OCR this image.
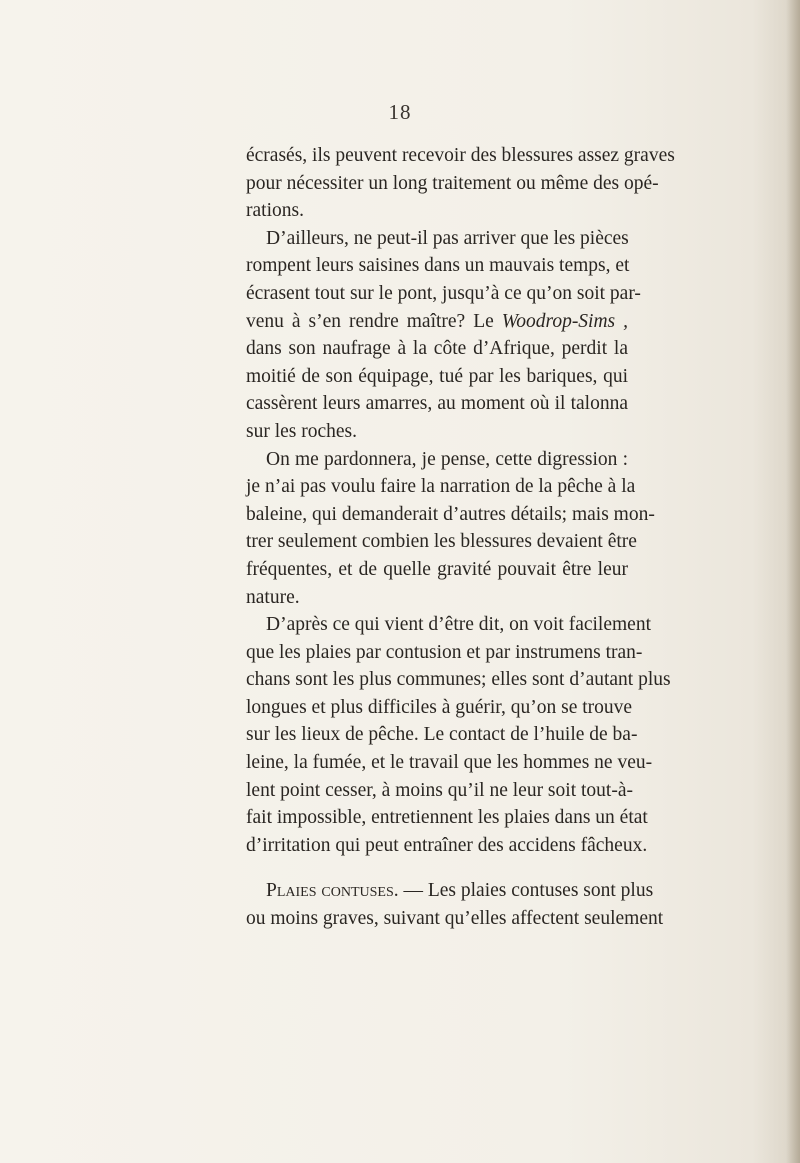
18
écrasés, ils peuvent recevoir des blessures assez graves
pour nécessiter un long traitement ou même des opé-
rations.
D’ailleurs, ne peut-il pas arriver que les pièces
rompent leurs saisines dans un mauvais temps, et
écrasent tout sur le pont, jusqu’à ce qu’on soit par-
venu à s’en rendre maître? Le Woodrop-Sims ,
dans son naufrage à la côte d’Afrique, perdit la
moitié de son équipage, tué par les bariques, qui
cassèrent leurs amarres, au moment où il talonna
sur les roches.
On me pardonnera, je pense, cette digression :
je n’ai pas voulu faire la narration de la pêche à la
baleine, qui demanderait d’autres détails; mais mon-
trer seulement combien les blessures devaient être
fréquentes, et de quelle gravité pouvait être leur
nature.
D’après ce qui vient d’être dit, on voit facilement
que les plaies par contusion et par instrumens tran-
chans sont les plus communes; elles sont d’autant plus
longues et plus difficiles à guérir, qu’on se trouve
sur les lieux de pêche. Le contact de l’huile de ba-
leine, la fumée, et le travail que les hommes ne veu-
lent point cesser, à moins qu’il ne leur soit tout-à-
fait impossible, entretiennent les plaies dans un état
d’irritation qui peut entraîner des accidens fâcheux.
Plaies contuses. — Les plaies contuses sont plus
ou moins graves, suivant qu’elles affectent seulement
